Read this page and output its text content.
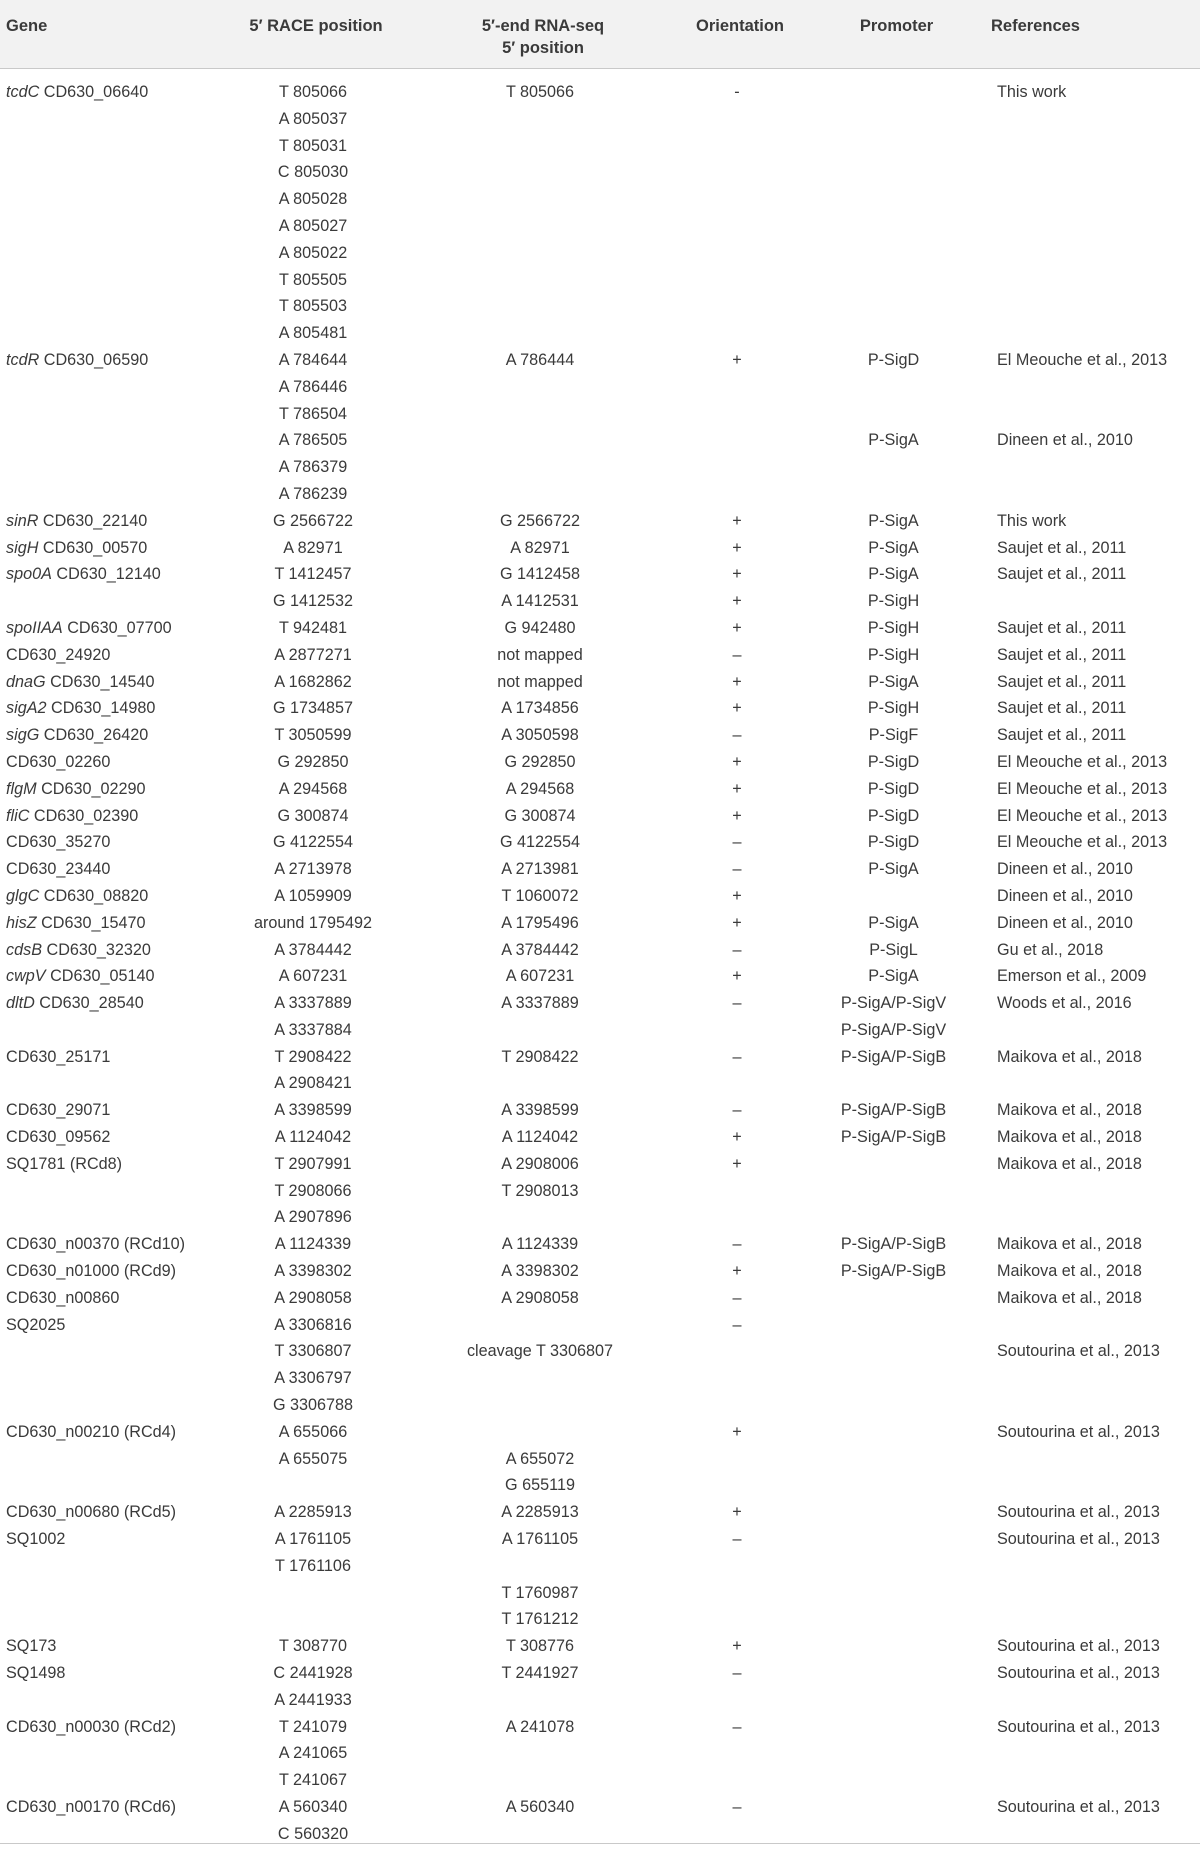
Gene	5′ RACE position	5′-end RNA-seq
5′ position	Orientation	Promoter	References

tcdC CD630_06640	T 805066	T 805066	-		This work
	A 805037				
	T 805031				
	C 805030				
	A 805028				
	A 805027				
	A 805022				
	T 805505				
	T 805503				
	A 805481				
tcdR CD630_06590	A 784644	A 786444	+	P-SigD	El Meouche et al., 2013
	A 786446				
	T 786504				
	A 786505			P-SigA	Dineen et al., 2010
	A 786379				
	A 786239				
sinR CD630_22140	G 2566722	G 2566722	+	P-SigA	This work
sigH CD630_00570	A 82971	A 82971	+	P-SigA	Saujet et al., 2011
spo0A CD630_12140	T 1412457	G 1412458	+	P-SigA	Saujet et al., 2011
	G 1412532	A 1412531	+	P-SigH	
spoIIAA CD630_07700	T 942481	G 942480	+	P-SigH	Saujet et al., 2011
CD630_24920	A 2877271	not mapped	–	P-SigH	Saujet et al., 2011
dnaG CD630_14540	A 1682862	not mapped	+	P-SigA	Saujet et al., 2011
sigA2 CD630_14980	G 1734857	A 1734856	+	P-SigH	Saujet et al., 2011
sigG CD630_26420	T 3050599	A 3050598	–	P-SigF	Saujet et al., 2011
CD630_02260	G 292850	G 292850	+	P-SigD	El Meouche et al., 2013
flgM CD630_02290	A 294568	A 294568	+	P-SigD	El Meouche et al., 2013
fliC CD630_02390	G 300874	G 300874	+	P-SigD	El Meouche et al., 2013
CD630_35270	G 4122554	G 4122554	–	P-SigD	El Meouche et al., 2013
CD630_23440	A 2713978	A 2713981	–	P-SigA	Dineen et al., 2010
glgC CD630_08820	A 1059909	T 1060072	+		Dineen et al., 2010
hisZ CD630_15470	around 1795492	A 1795496	+	P-SigA	Dineen et al., 2010
cdsB CD630_32320	A 3784442	A 3784442	–	P-SigL	Gu et al., 2018
cwpV CD630_05140	A 607231	A 607231	+	P-SigA	Emerson et al., 2009
dltD CD630_28540	A 3337889	A 3337889	–	P-SigA/P-SigV	Woods et al., 2016
	A 3337884			P-SigA/P-SigV	
CD630_25171	T 2908422	T 2908422	–	P-SigA/P-SigB	Maikova et al., 2018
	A 2908421				
CD630_29071	A 3398599	A 3398599	–	P-SigA/P-SigB	Maikova et al., 2018
CD630_09562	A 1124042	A 1124042	+	P-SigA/P-SigB	Maikova et al., 2018
SQ1781 (RCd8)	T 2907991	A 2908006	+		Maikova et al., 2018
	T 2908066	T 2908013			
	A 2907896				
CD630_n00370 (RCd10)	A 1124339	A 1124339	–	P-SigA/P-SigB	Maikova et al., 2018
CD630_n01000 (RCd9)	A 3398302	A 3398302	+	P-SigA/P-SigB	Maikova et al., 2018
CD630_n00860	A 2908058	A 2908058	–		Maikova et al., 2018
SQ2025	A 3306816		–		
	T 3306807	cleavage T 3306807			Soutourina et al., 2013
	A 3306797				
	G 3306788				
CD630_n00210 (RCd4)	A 655066		+		Soutourina et al., 2013
	A 655075	A 655072			
		G 655119			
CD630_n00680 (RCd5)	A 2285913	A 2285913	+		Soutourina et al., 2013
SQ1002	A 1761105	A 1761105	–		Soutourina et al., 2013
	T 1761106				
		T 1760987			
		T 1761212			
SQ173	T 308770	T 308776	+		Soutourina et al., 2013
SQ1498	C 2441928	T 2441927	–		Soutourina et al., 2013
	A 2441933				
CD630_n00030 (RCd2)	T 241079	A 241078	–		Soutourina et al., 2013
	A 241065				
	T 241067				
CD630_n00170 (RCd6)	A 560340	A 560340	–		Soutourina et al., 2013
	C 560320				
